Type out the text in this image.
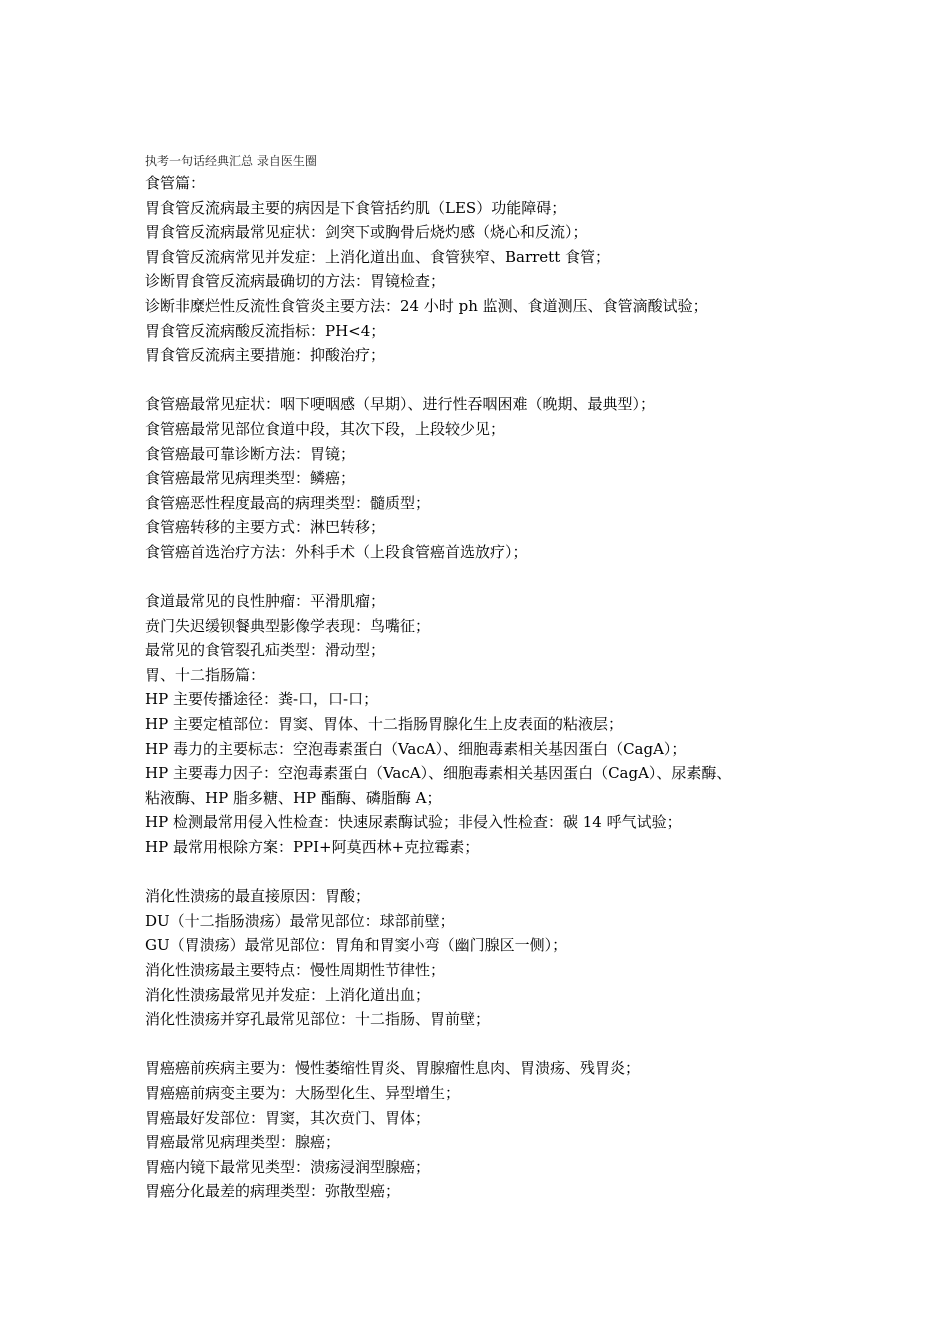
执考一句话经典汇总 录自医生圈
食管篇：
胃食管反流病最主要的病因是下食管括约肌（LES）功能障碍；
胃食管反流病最常见症状：剑突下或胸骨后烧灼感（烧心和反流）；
胃食管反流病常见并发症：上消化道出血、食管狭窄、Barrett 食管；
诊断胃食管反流病最确切的方法：胃镜检查；
诊断非糜烂性反流性食管炎主要方法：24 小时 ph 监测、食道测压、食管滴酸试验；
胃食管反流病酸反流指标：PH<4；
胃食管反流病主要措施：抑酸治疗；
食管癌最常见症状：咽下哽咽感（早期）、进行性吞咽困难（晚期、最典型）；
食管癌最常见部位食道中段，其次下段，上段较少见；
食管癌最可靠诊断方法：胃镜；
食管癌最常见病理类型：鳞癌；
食管癌恶性程度最高的病理类型：髓质型；
食管癌转移的主要方式：淋巴转移；
食管癌首选治疗方法：外科手术（上段食管癌首选放疗）；
食道最常见的良性肿瘤：平滑肌瘤；
贲门失迟缓钡餐典型影像学表现：鸟嘴征；
最常见的食管裂孔疝类型：滑动型；
胃、十二指肠篇：
HP 主要传播途径：粪-口，口-口；
HP 主要定植部位：胃窦、胃体、十二指肠胃腺化生上皮表面的粘液层；
HP 毒力的主要标志：空泡毒素蛋白（VacA）、细胞毒素相关基因蛋白（CagA）；
HP 主要毒力因子：空泡毒素蛋白（VacA）、细胞毒素相关基因蛋白（CagA）、尿素酶、
粘液酶、HP 脂多糖、HP 酯酶、磷脂酶 A；
HP 检测最常用侵入性检查：快速尿素酶试验；非侵入性检查：碳 14 呼气试验；
HP 最常用根除方案：PPI+阿莫西林+克拉霉素；
消化性溃疡的最直接原因：胃酸；
DU（十二指肠溃疡）最常见部位：球部前壁；
GU（胃溃疡）最常见部位：胃角和胃窦小弯（幽门腺区一侧）；
消化性溃疡最主要特点：慢性周期性节律性；
消化性溃疡最常见并发症：上消化道出血；
消化性溃疡并穿孔最常见部位：十二指肠、胃前壁；
胃癌癌前疾病主要为：慢性萎缩性胃炎、胃腺瘤性息肉、胃溃疡、残胃炎；
胃癌癌前病变主要为：大肠型化生、异型增生；
胃癌最好发部位：胃窦，其次贲门、胃体；
胃癌最常见病理类型：腺癌；
胃癌内镜下最常见类型：溃疡浸润型腺癌；
胃癌分化最差的病理类型：弥散型癌；
